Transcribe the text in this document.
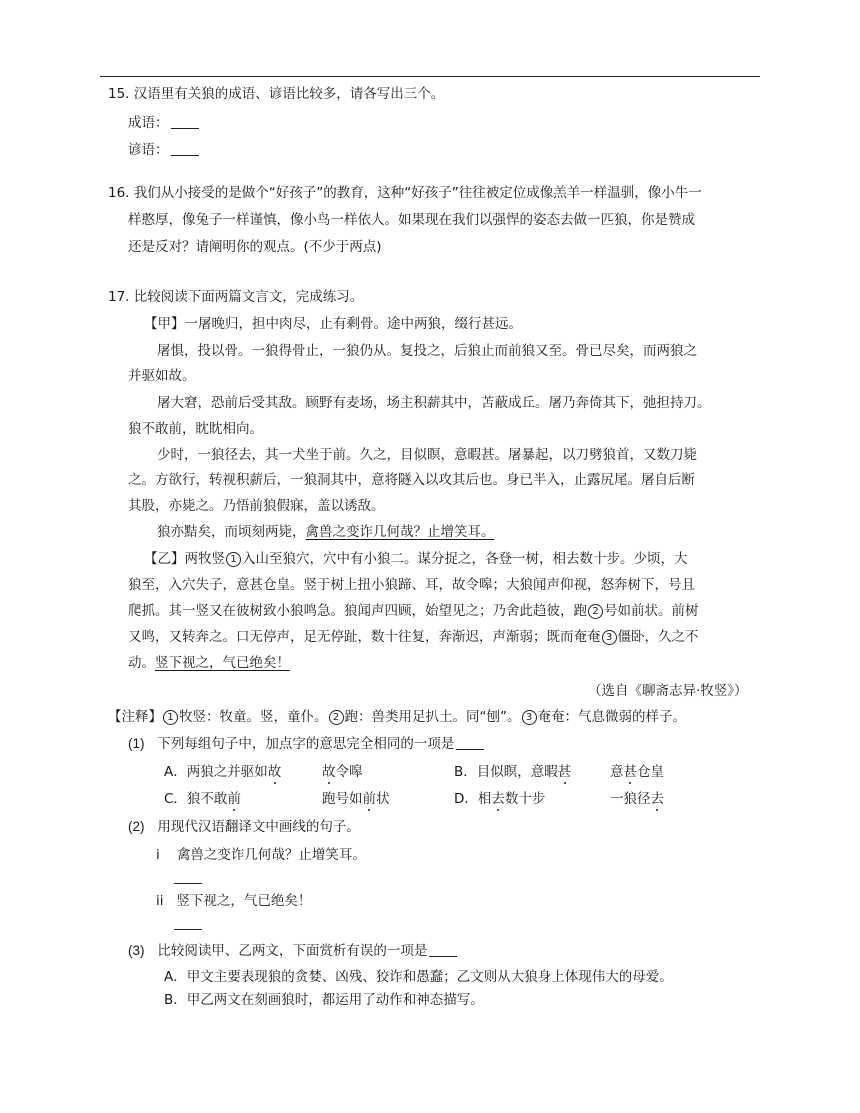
15. 汉语里有关狼的成语、谚语比较多，请各写出三个。
成语：
谚语：
16. 我们从小接受的是做个“好孩子”的教育，这种“好孩子”往往被定位成像羔羊一样温驯，像小牛一
样憨厚，像兔子一样谨慎，像小鸟一样依人。如果现在我们以强悍的姿态去做一匹狼，你是赞成
还是反对？请阐明你的观点。(不少于两点)
17. 比较阅读下面两篇文言文，完成练习。
【甲】一屠晚归，担中肉尽，止有剩骨。途中两狼，缀行甚远。
屠惧，投以骨。一狼得骨止，一狼仍从。复投之，后狼止而前狼又至。骨已尽矣，而两狼之
并驱如故。
屠大窘，恐前后受其敌。顾野有麦场，场主积薪其中，苫蔽成丘。屠乃奔倚其下，弛担持刀。
狼不敢前，眈眈相向。
少时，一狼径去，其一犬坐于前。久之，目似瞑，意暇甚。屠暴起，以刀劈狼首，又数刀毙
之。方欲行，转视积薪后，一狼洞其中，意将隧入以攻其后也。身已半入，止露尻尾。屠自后断
其股，亦毙之。乃悟前狼假寐，盖以诱敌。
狼亦黠矣，而顷刻两毙，禽兽之变诈几何哉？止增笑耳。
【乙】两牧竖 1 入山至狼穴，穴中有小狼二。谋分捉之，各登一树，相去数十步。少顷，大
狼至，入穴失子，意甚仓皇。竖于树上扭小狼蹄、耳，故令嗥；大狼闻声仰视，怒奔树下，号且
爬抓。其一竖又在彼树致小狼鸣急。狼闻声四顾，始望见之；乃舍此趋彼，跑 2 号如前状。前树
又鸣，又转奔之。口无停声，足无停趾，数十往复，奔渐迟，声渐弱；既而奄奄 3 僵卧，久之不
动。竖下视之，气已绝矣！
（选自《聊斋志异·牧竖》）
【注释】 1 牧竖：牧童。竖，童仆。 2 跑：兽类用足扒土。同“刨”。 3 奄奄：气息微弱的样子。
(1) 下列每组句子中，加点字的意思完全相同的一项是
A．两狼之并驱如故	故令嗥	B．目似瞑，意暇甚	意甚仓皇
C．狼不敢前	跑号如前状	D．相去数十步	一狼径去
(2) 用现代汉语翻译文中画线的句子。
i 禽兽之变诈几何哉？止增笑耳。
ii 竖下视之，气已绝矣！
(3) 比较阅读甲、乙两文，下面赏析有误的一项是
A．甲文主要表现狼的贪婪、凶残、狡诈和愚蠢；乙文则从大狼身上体现伟大的母爱。
B．甲乙两文在刻画狼时，都运用了动作和神态描写。
